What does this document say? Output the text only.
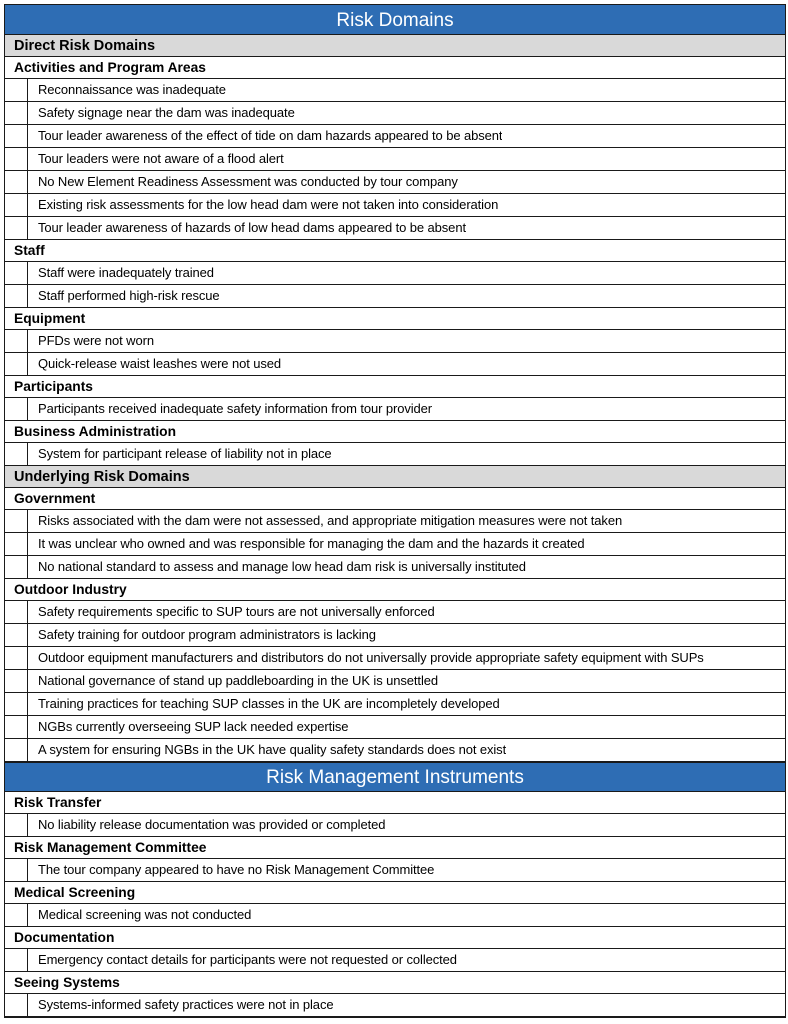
Risk Domains
Direct Risk Domains
Activities and Program Areas
Reconnaissance was inadequate
Safety signage near the dam was inadequate
Tour leader awareness of the effect of tide on dam hazards appeared to be absent
Tour leaders were not aware of a flood alert
No New Element Readiness Assessment was conducted by tour company
Existing risk assessments for the low head dam were not taken into consideration
Tour leader awareness of hazards of low head dams appeared to be absent
Staff
Staff were inadequately trained
Staff performed high-risk rescue
Equipment
PFDs were not worn
Quick-release waist leashes were not used
Participants
Participants received inadequate safety information from tour provider
Business Administration
System for participant release of liability not in place
Underlying Risk Domains
Government
Risks associated with the dam were not assessed, and appropriate mitigation measures were not taken
It was unclear who owned and was responsible for managing the dam and the hazards it created
No national standard to assess and manage low head dam risk is universally instituted
Outdoor Industry
Safety requirements specific to SUP tours are not universally enforced
Safety training for outdoor program administrators is lacking
Outdoor equipment manufacturers and distributors do not universally provide appropriate safety equipment with SUPs
National governance of stand up paddleboarding in the UK is unsettled
Training practices for teaching SUP classes in the UK are incompletely developed
NGBs currently overseeing SUP lack needed expertise
A system for ensuring NGBs in the UK have quality safety standards does not exist
Risk Management Instruments
Risk Transfer
No liability release documentation was provided or completed
Risk Management Committee
The tour company appeared to have no Risk Management Committee
Medical Screening
Medical screening was not conducted
Documentation
Emergency contact details for participants were not requested or collected
Seeing Systems
Systems-informed safety practices were not in place
